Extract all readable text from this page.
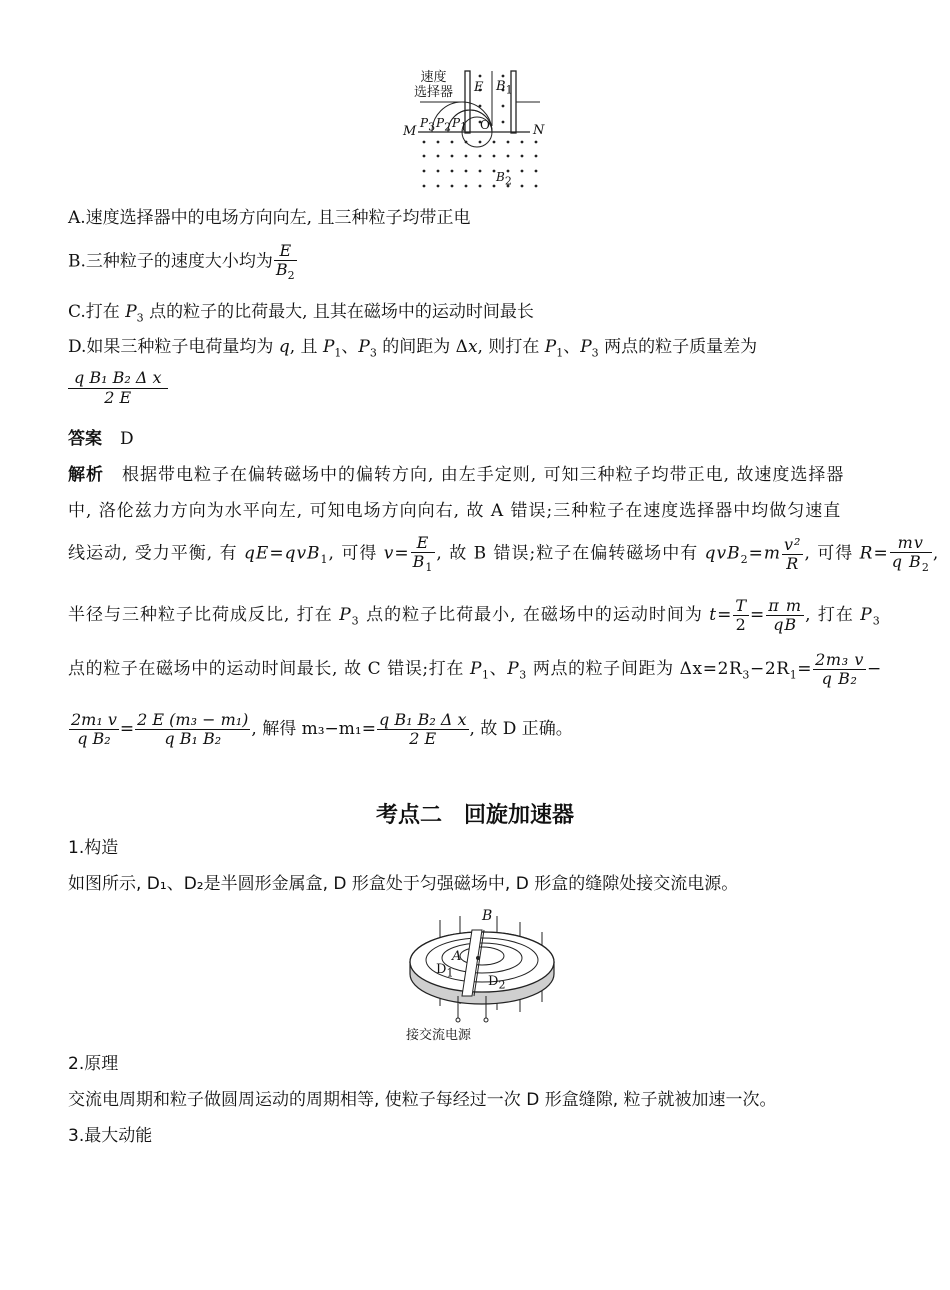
速度
选择器 E $B_1$
M	N
O
$P_3$ $P_2$ $P_1$
$B_2$
A.速度选择器中的电场方向向左, 且三种粒子均带正电
B.三种粒子的速度大小均为 $\frac{E}{B_2}$
C.打在 $P_3$ 点的粒子的比荷最大, 且其在磁场中的运动时间最长
D.如果三种粒子电荷量均为 q, 且 $P_1$、$P_3$ 的间距为 Δx, 则打在 $P_1$、$P_3$ 两点的粒子质量差为
$\frac{\text{q B₁ B₂ Δ x}}{2 E}$
答案 D
解析 根据带电粒子在偏转磁场中的偏转方向, 由左手定则, 可知三种粒子均带正电, 故速度选择器
中, 洛伦兹力方向为水平向左, 可知电场方向向右, 故 A 错误;三种粒子在速度选择器中均做匀速直
线运动, 受力平衡, 有 qE=qvB$_1$, 可得 $v= \frac{E}{B_1}$ , 故 B 错误;粒子在偏转磁场中有 $qvB_2=m \frac{\text{v²}}{R}$ , 可得 $R= \frac{mv}{q B_2}$ ,
半径与三种粒子比荷成反比, 打在 $P_3$ 点的粒子比荷最小, 在磁场中的运动时间为 $t= \frac{T}{2} = \frac{\text{π m}}{qB}$ , 打在 $P_3$
点的粒子在磁场中的运动时间最长, 故 C 错误;打在 $P_1$、$P_3$ 两点的粒子间距为 $\Delta x=2R_3-2R_1= \frac{\text{2m₃ v}}{\text{q B₂}}$ −
$\frac{\text{2m₁ v}}{\text{q B₂}} = \frac{\text{2 E (m₃ − m₁)}}{\text{q B₁ B₂}}$ , 解得 $m_3-m_1= \frac{\text{q B₁ B₂ Δ x}}{2 E}$ , 故 D 正确。
考点二　回旋加速器
1.构造
如图所示, D₁、D₂是半圆形金属盒, D 形盒处于匀强磁场中, D 形盒的缝隙处接交流电源。
B
A
$D_1$
$D_2$
接交流电源
2.原理
交流电周期和粒子做圆周运动的周期相等, 使粒子每经过一次 D 形盒缝隙, 粒子就被加速一次。
3.最大动能
